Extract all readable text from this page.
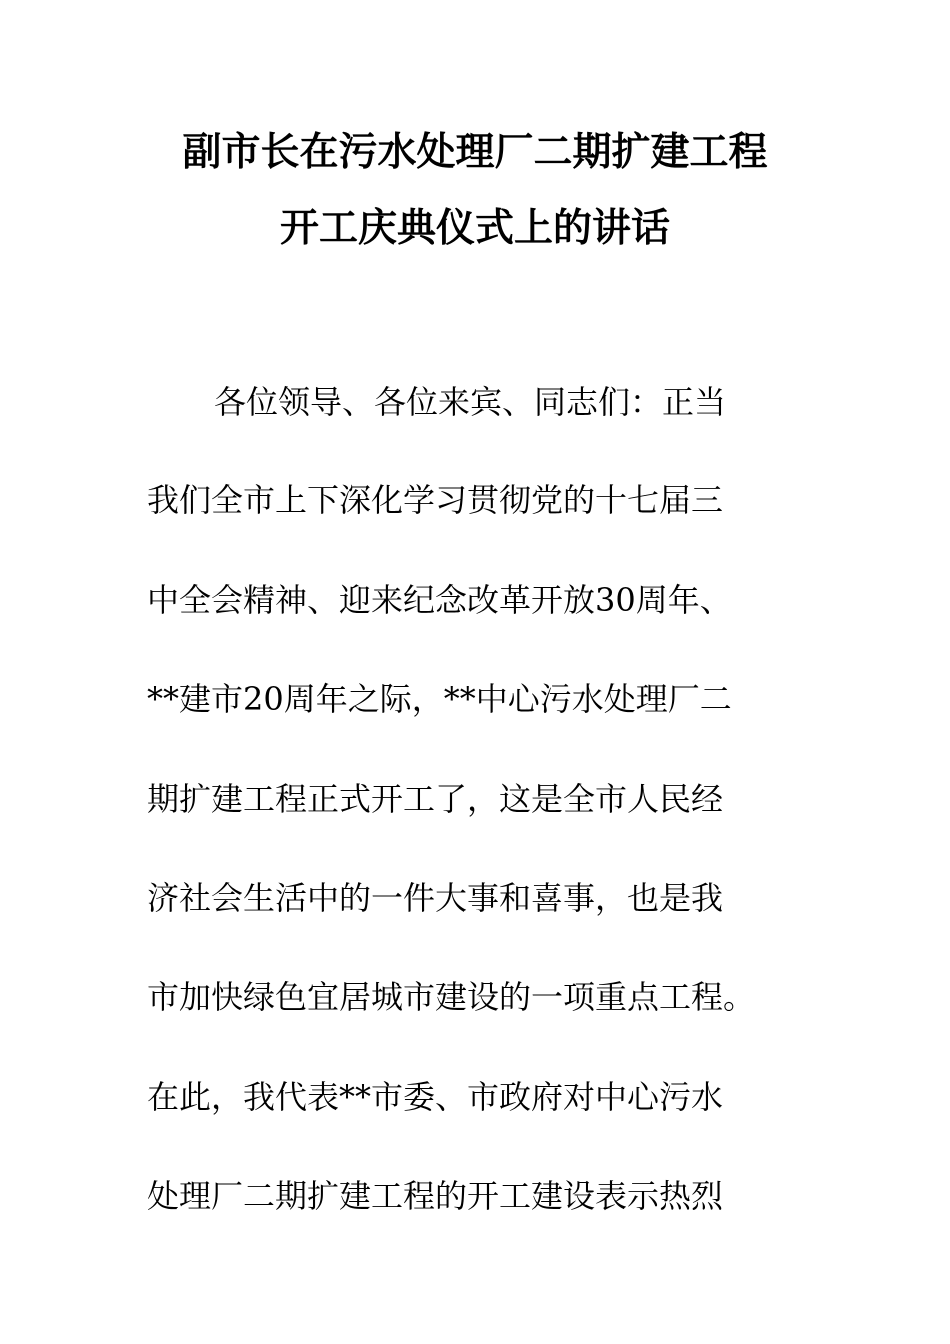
副市长在污水处理厂二期扩建工程
开工庆典仪式上的讲话
各位领导、各位来宾、同志们：正当
我们全市上下深化学习贯彻党的十七届三
中全会精神、迎来纪念改革开放30周年、
**建市20周年之际，**中心污水处理厂二
期扩建工程正式开工了，这是全市人民经
济社会生活中的一件大事和喜事，也是我
市加快绿色宜居城市建设的一项重点工程。
在此，我代表**市委、市政府对中心污水
处理厂二期扩建工程的开工建设表示热烈
